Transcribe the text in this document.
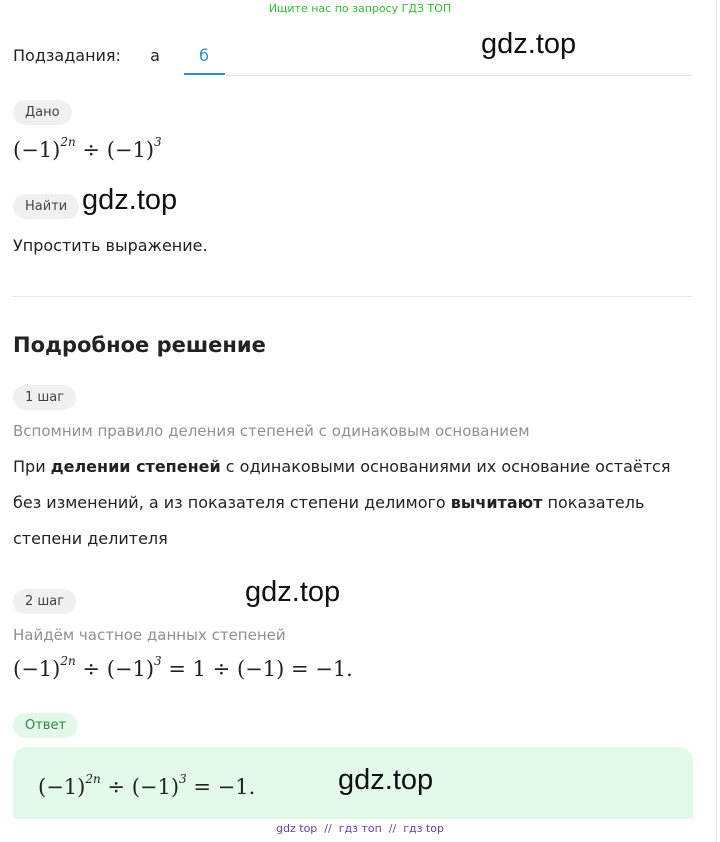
Ищите нас по запросу ГДЗ ТОП
Подзадания:	а	б	gdz.top
Дано
$(-1)^{2n} \div (-1)^3$
Найти gdz.top
Упростить выражение.
Подробное решение
1 шаг
Вспомним правило деления степеней с одинаковым основанием
При делении степеней с одинаковыми основаниями их основание остаётся без изменений, а из показателя степени делимого вычитают показатель степени делителя
2 шаг	gdz.top
Найдём частное данных степеней
$(-1)^{2n} \div (-1)^3 = 1 \div (-1) = -1$.
Ответ
$(-1)^{2n} \div (-1)^3 = -1$.	gdz.top
gdz top // гдз топ // гдз top
